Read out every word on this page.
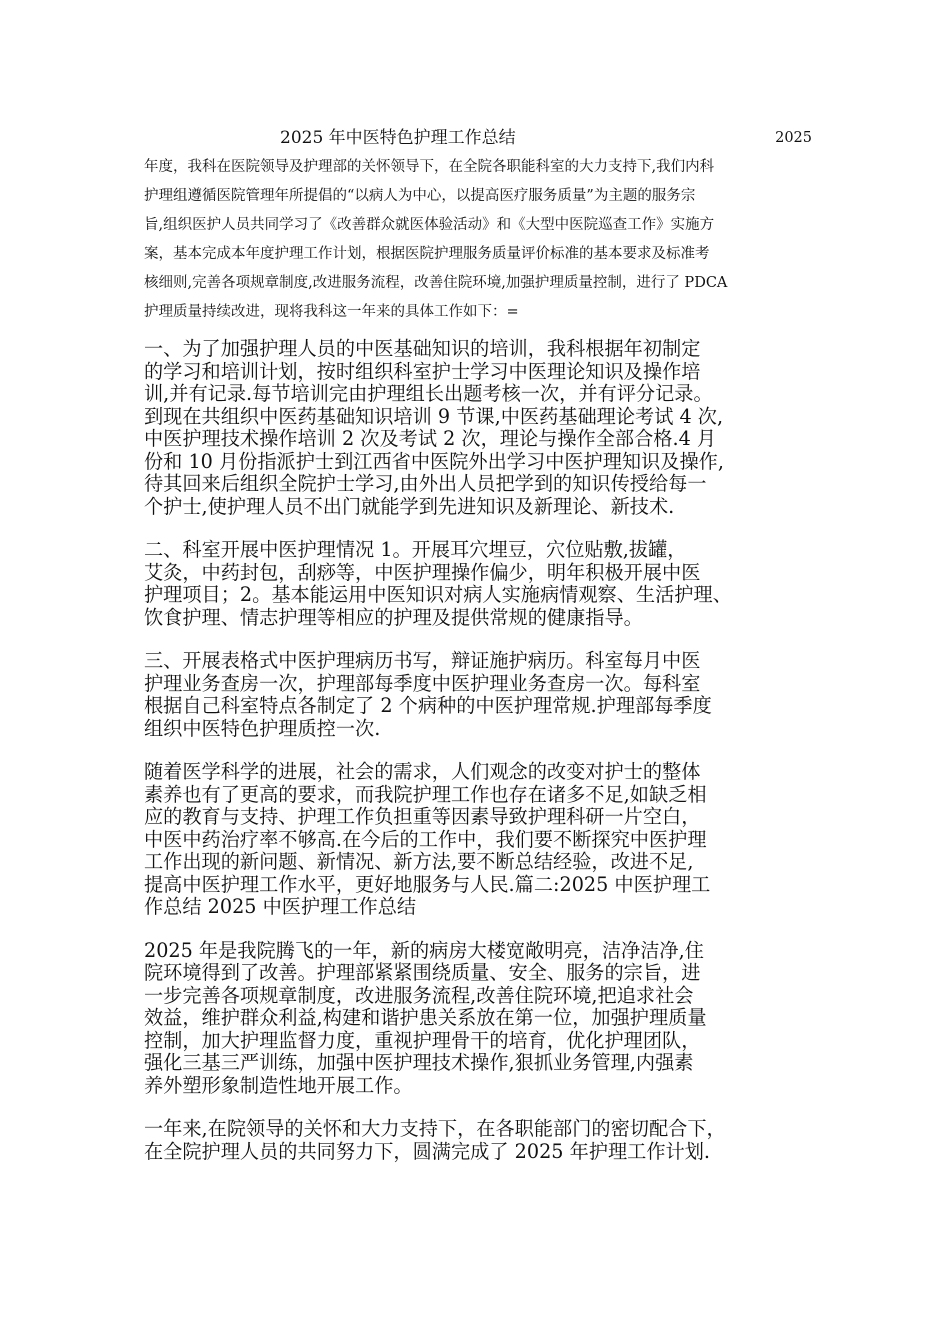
2025 年中医特色护理工作总结	2025
年度，我科在医院领导及护理部的关怀领导下，在全院各职能科室的大力支持下,我们内科
护理组遵循医院管理年所提倡的“以病人为中心，以提高医疗服务质量”为主题的服务宗
旨,组织医护人员共同学习了《改善群众就医体验活动》和《大型中医院巡查工作》实施方
案，基本完成本年度护理工作计划，根据医院护理服务质量评价标准的基本要求及标准考
核细则,完善各项规章制度,改进服务流程，改善住院环境,加强护理质量控制，进行了 PDCA
护理质量持续改进，现将我科这一年来的具体工作如下：=
一、为了加强护理人员的中医基础知识的培训，我科根据年初制定
的学习和培训计划，按时组织科室护士学习中医理论知识及操作培
训,并有记录.每节培训完由护理组长出题考核一次，并有评分记录。
到现在共组织中医药基础知识培训 9 节课,中医药基础理论考试 4 次,
中医护理技术操作培训 2 次及考试 2 次，理论与操作全部合格.4 月
份和 10 月份指派护士到江西省中医院外出学习中医护理知识及操作,
待其回来后组织全院护士学习,由外出人员把学到的知识传授给每一
个护士,使护理人员不出门就能学到先进知识及新理论、新技术.
二、科室开展中医护理情况 1。开展耳穴埋豆，穴位贴敷,拔罐，
艾灸，中药封包，刮痧等，中医护理操作偏少，明年积极开展中医
护理项目；2。基本能运用中医知识对病人实施病情观察、生活护理、
饮食护理、情志护理等相应的护理及提供常规的健康指导。
三、开展表格式中医护理病历书写，辩证施护病历。科室每月中医
护理业务查房一次，护理部每季度中医护理业务查房一次。每科室
根据自己科室特点各制定了 2 个病种的中医护理常规.护理部每季度
组织中医特色护理质控一次.
随着医学科学的进展，社会的需求，人们观念的改变对护士的整体
素养也有了更高的要求，而我院护理工作也存在诸多不足,如缺乏相
应的教育与支持、护理工作负担重等因素导致护理科研一片空白，
中医中药治疗率不够高.在今后的工作中，我们要不断探究中医护理
工作出现的新问题、新情况、新方法,要不断总结经验，改进不足,
提高中医护理工作水平，更好地服务与人民.篇二:2025 中医护理工
作总结 2025 中医护理工作总结
2025 年是我院腾飞的一年，新的病房大楼宽敞明亮，洁净洁净,住
院环境得到了改善。护理部紧紧围绕质量、安全、服务的宗旨，进
一步完善各项规章制度，改进服务流程,改善住院环境,把追求社会
效益，维护群众利益,构建和谐护患关系放在第一位，加强护理质量
控制，加大护理监督力度，重视护理骨干的培育，优化护理团队，
强化三基三严训练，加强中医护理技术操作,狠抓业务管理,内强素
养外塑形象制造性地开展工作。
一年来,在院领导的关怀和大力支持下，在各职能部门的密切配合下，
在全院护理人员的共同努力下，圆满完成了 2025 年护理工作计划.
